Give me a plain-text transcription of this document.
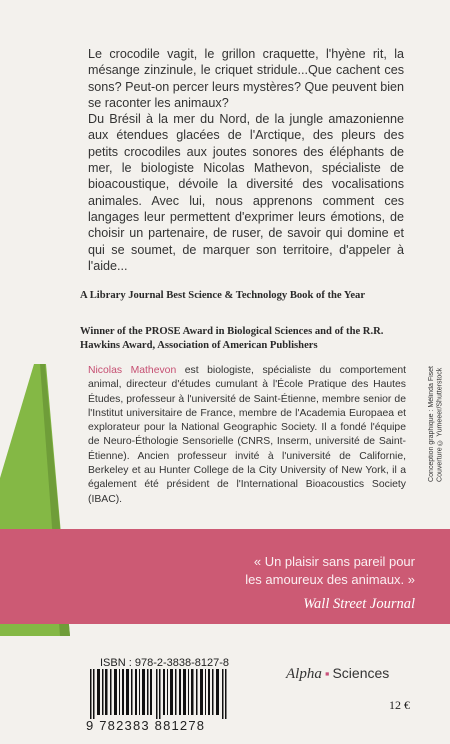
Le crocodile vagit, le grillon craquette, l'hyène rit, la mésange zinzinule, le criquet stridule...Que cachent ces sons? Peut-on percer leurs mystères? Que peuvent bien se raconter les animaux?

Du Brésil à la mer du Nord, de la jungle amazonienne aux étendues glacées de l'Arctique, des pleurs des petits crocodiles aux joutes sonores des éléphants de mer, le biologiste Nicolas Mathevon, spécialiste de bioacoustique, dévoile la diversité des vocalisations animales. Avec lui, nous apprenons comment ces langages leur permettent d'exprimer leurs émotions, de choisir un partenaire, de ruser, de savoir qui domine et qui se soumet, de marquer son territoire, d'appeler à l'aide...

A Library Journal Best Science & Technology Book of the Year
Winner of the PROSE Award in Biological Sciences and of the R.R. Hawkins Award, Association of American Publishers
Nicolas Mathevon est biologiste, spécialiste du comportement animal, directeur d'études cumulant à l'École Pratique des Hautes Études, professeur à l'université de Saint-Étienne, membre senior de l'Institut universitaire de France, membre de l'Academia Europaea et explorateur pour la National Geographic Society. Il a fondé l'équipe de Neuro-Éthologie Sensorielle (CNRS, Inserm, université de Saint-Étienne). Ancien professeur invité à l'université de Californie, Berkeley et au Hunter College de la City University of New York, il a également été président de l'International Bioacoustics Society (IBAC).
Conception graphique : Mélinda Fiset Couverture © Yumeeer/Shutterstock
« Un plaisir sans pareil pour les amoureux des animaux. »
Wall Street Journal
ISBN : 978-2-3838-8127-8
9 782383 881278
Alpha ▪ Sciences
12 €
